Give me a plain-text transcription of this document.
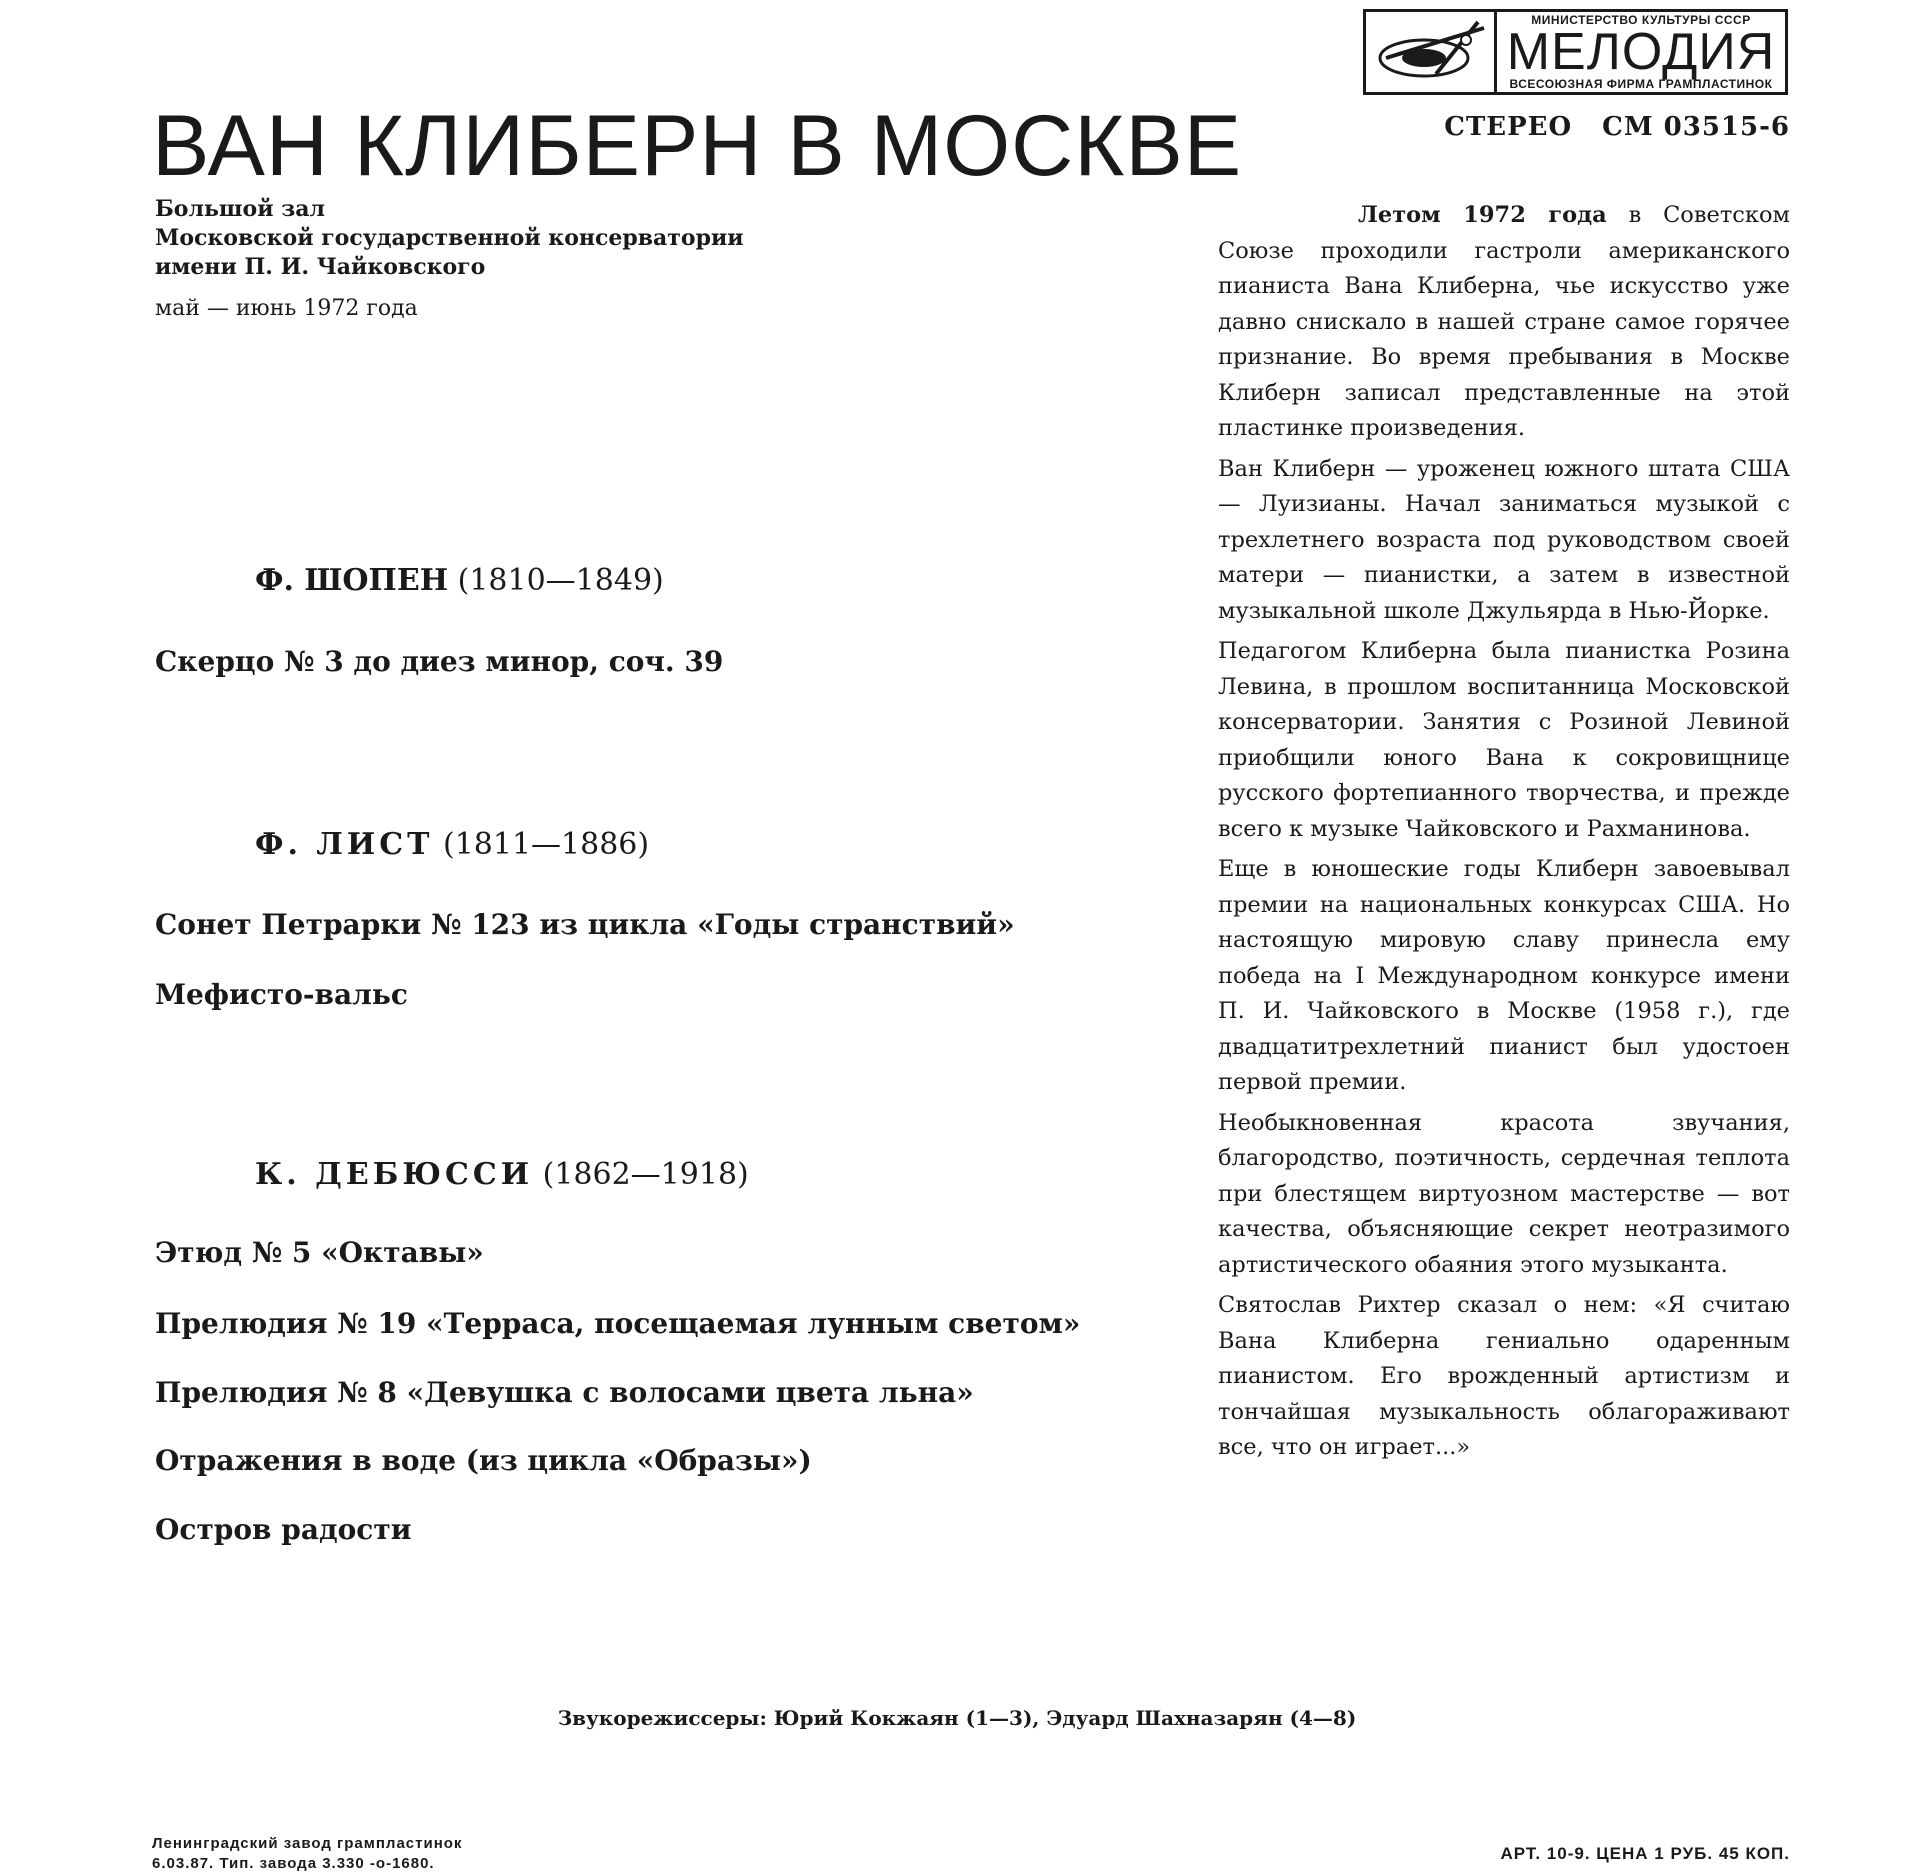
МИНИСТЕРСТВО КУЛЬТУРЫ СССР
МЕЛОДИЯ
ВСЕСОЮЗНАЯ ФИРМА ГРАМПЛАСТИНОК
СТЕРЕО СМ 03515-6
ВАН КЛИБЕРН В МОСКВЕ
Большой зал
Московской государственной консерватории
имени П. И. Чайковского
май — июнь 1972 года
Ф. ШОПЕН (1810—1849)
Скерцо № 3 до диез минор, соч. 39
Ф. ЛИСТ (1811—1886)
Сонет Петрарки № 123 из цикла «Годы странствий»
Мефисто-вальс
К. ДЕБЮССИ (1862—1918)
Этюд № 5 «Октавы»
Прелюдия № 19 «Терраса, посещаемая лунным светом»
Прелюдия № 8 «Девушка с волосами цвета льна»
Отражения в воде (из цикла «Образы»)
Остров радости

Летом 1972 года в Советском Союзе проходили гастроли американского пианиста Вана Клиберна, чье искусство уже давно снискало в нашей стране самое горячее признание. Во время пребывания в Москве Клиберн записал представленные на этой пластинке произведения.

Ван Клиберн — уроженец южного штата США — Луизианы. Начал заниматься музыкой с трехлетнего возраста под руководством своей матери — пианистки, а затем в известной музыкальной школе Джульярда в Нью-Йорке.

Педагогом Клиберна была пианистка Розина Левина, в прошлом воспитанница Московской консерватории. Занятия с Розиной Левиной приобщили юного Вана к сокровищнице русского фортепианного творчества, и прежде всего к музыке Чайковского и Рахманинова.

Еще в юношеские годы Клиберн завоевывал премии на национальных конкурсах США. Но настоящую мировую славу принесла ему победа на I Международном конкурсе имени П. И. Чайковского в Москве (1958 г.), где двадцатитрехлетний пианист был удостоен первой премии.

Необыкновенная красота звучания, благородство, поэтичность, сердечная теплота при блестящем виртуозном мастерстве — вот качества, объясняющие секрет неотразимого артистического обаяния этого музыканта.

Святослав Рихтер сказал о нем: «Я считаю Вана Клиберна гениально одаренным пианистом. Его врожденный артистизм и тончайшая музыкальность облагораживают все, что он играет...»

Звукорежиссеры: Юрий Кокжаян (1—3), Эдуард Шахназарян (4—8)
Ленинградский завод грампластинок
6.03.87. Тип. завода 3.330 -о-1680.
АРТ. 10-9. ЦЕНА 1 РУБ. 45 КОП.
